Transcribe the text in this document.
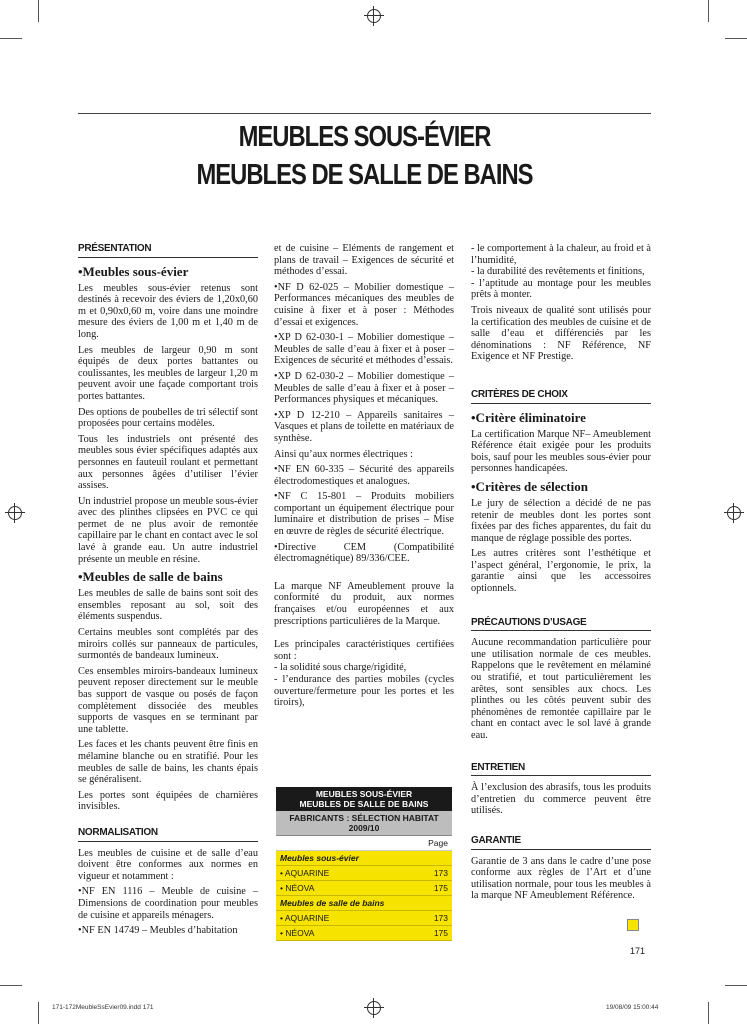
MEUBLES SOUS-ÉVIER
MEUBLES DE SALLE DE BAINS
PRÉSENTATION
•Meubles sous-évier

Les meubles sous-évier retenus sont destinés à recevoir des éviers de 1,20x0,60 m et 0,90x0,60 m, voire dans une moindre mesure des éviers de 1,00 m et 1,40 m de long.

Les meubles de largeur 0,90 m sont équipés de deux portes battantes ou coulissantes, les meubles de largeur 1,20 m peuvent avoir une façade comportant trois portes battantes.

Des options de poubelles de tri sélectif sont proposées pour certains modèles.

Tous les industriels ont présenté des meubles sous évier spécifiques adaptés aux personnes en fauteuil roulant et permettant aux personnes âgées d’utiliser l’évier assises.

Un industriel propose un meuble sous-évier avec des plinthes clipsées en PVC ce qui permet de ne plus avoir de remontée capillaire par le chant en contact avec le sol lavé à grande eau. Un autre industriel présente un meuble en résine.

•Meubles de salle de bains

Les meubles de salle de bains sont soit des ensembles reposant au sol, soit des éléments suspendus.

Certains meubles sont complétés par des miroirs collés sur panneaux de particules, surmontés de bandeaux lumineux.

Ces ensembles miroirs-bandeaux lumineux peuvent reposer directement sur le meuble bas support de vasque ou posés de façon complètement dissociée des meubles supports de vasques en se terminant par une tablette.

Les faces et les chants peuvent être finis en mélamine blanche ou en stratifié. Pour les meubles de salle de bains, les chants épais se généralisent.

Les portes sont équipées de charnières invisibles.

NORMALISATION

Les meubles de cuisine et de salle d’eau doivent être conformes aux normes en vigueur et notamment :

•NF EN 1116 – Meuble de cuisine – Dimensions de coordination pour meubles de cuisine et appareils ménagers.

•NF EN 14749 – Meubles d’habitation

et de cuisine – Eléments de rangement et plans de travail – Exigences de sécurité et méthodes d’essai.

•NF D 62-025 – Mobilier domestique – Performances mécaniques des meubles de cuisine à fixer et à poser : Méthodes d’essai et exigences.

•XP D 62-030-1 – Mobilier domestique – Meubles de salle d’eau à fixer et à poser – Exigences de sécurité et méthodes d’essais.

•XP D 62-030-2 – Mobilier domestique – Meubles de salle d’eau à fixer et à poser – Performances physiques et mécaniques.

•XP D 12-210 – Appareils sanitaires – Vasques et plans de toilette en matériaux de synthèse.

Ainsi qu’aux normes électriques :

•NF EN 60-335 – Sécurité des appareils électrodomestiques et analogues.

•NF C 15-801 – Produits mobiliers comportant un équipement électrique pour luminaire et distribution de prises – Mise en œuvre de règles de sécurité électrique.

•Directive CEM (Compatibilité électromagnétique) 89/336/CEE.

La marque NF Ameublement prouve la conformité du produit, aux normes françaises et/ou européennes et aux prescriptions particulières de la Marque.

Les principales caractéristiques certifiées sont :

- la solidité sous charge/rigidité,

- l’endurance des parties mobiles (cycles ouverture/fermeture pour les portes et les tiroirs),

MEUBLES SOUS-ÉVIER
MEUBLES DE SALLE DE BAINS
FABRICANTS : SÉLECTION HABITAT 2009/10
Page
Meubles sous-évier
• AQUARINE	173
• NÉOVA	175
Meubles de salle de bains
• AQUARINE	173
• NÉOVA	175

- le comportement à la chaleur, au froid et à l’humidité,

- la durabilité des revêtements et finitions,

- l’aptitude au montage pour les meubles prêts à monter.

Trois niveaux de qualité sont utilisés pour la certification des meubles de cuisine et de salle d’eau et différenciés par les dénominations : NF Référence, NF Exigence et NF Prestige.

CRITÈRES DE CHOIX
•Critère éliminatoire

La certification Marque NF– Ameublement Référence était exigée pour les produits bois, sauf pour les meubles sous-évier pour personnes handicapées.

•Critères de sélection

Le jury de sélection a décidé de ne pas retenir de meubles dont les portes sont fixées par des fiches apparentes, du fait du manque de réglage possible des portes.

Les autres critères sont l’esthétique et l’aspect général, l’ergonomie, le prix, la garantie ainsi que les accessoires optionnels.

PRÉCAUTIONS D’USAGE

Aucune recommandation particulière pour une utilisation normale de ces meubles. Rappelons que le revêtement en mélaminé ou stratifié, et tout particulièrement les arêtes, sont sensibles aux chocs. Les plinthes ou les côtés peuvent subir des phénomènes de remontée capillaire par le chant en contact avec le sol lavé à grande eau.

ENTRETIEN

À l’exclusion des abrasifs, tous les produits d’entretien du commerce peuvent être utilisés.

GARANTIE

Garantie de 3 ans dans le cadre d’une pose conforme aux règles de l’Art et d’une utilisation normale, pour tous les meubles à la marque NF Ameublement Référence.

171
171-172MeubleSsEvier09.indd 171	19/08/09 15:00:44
